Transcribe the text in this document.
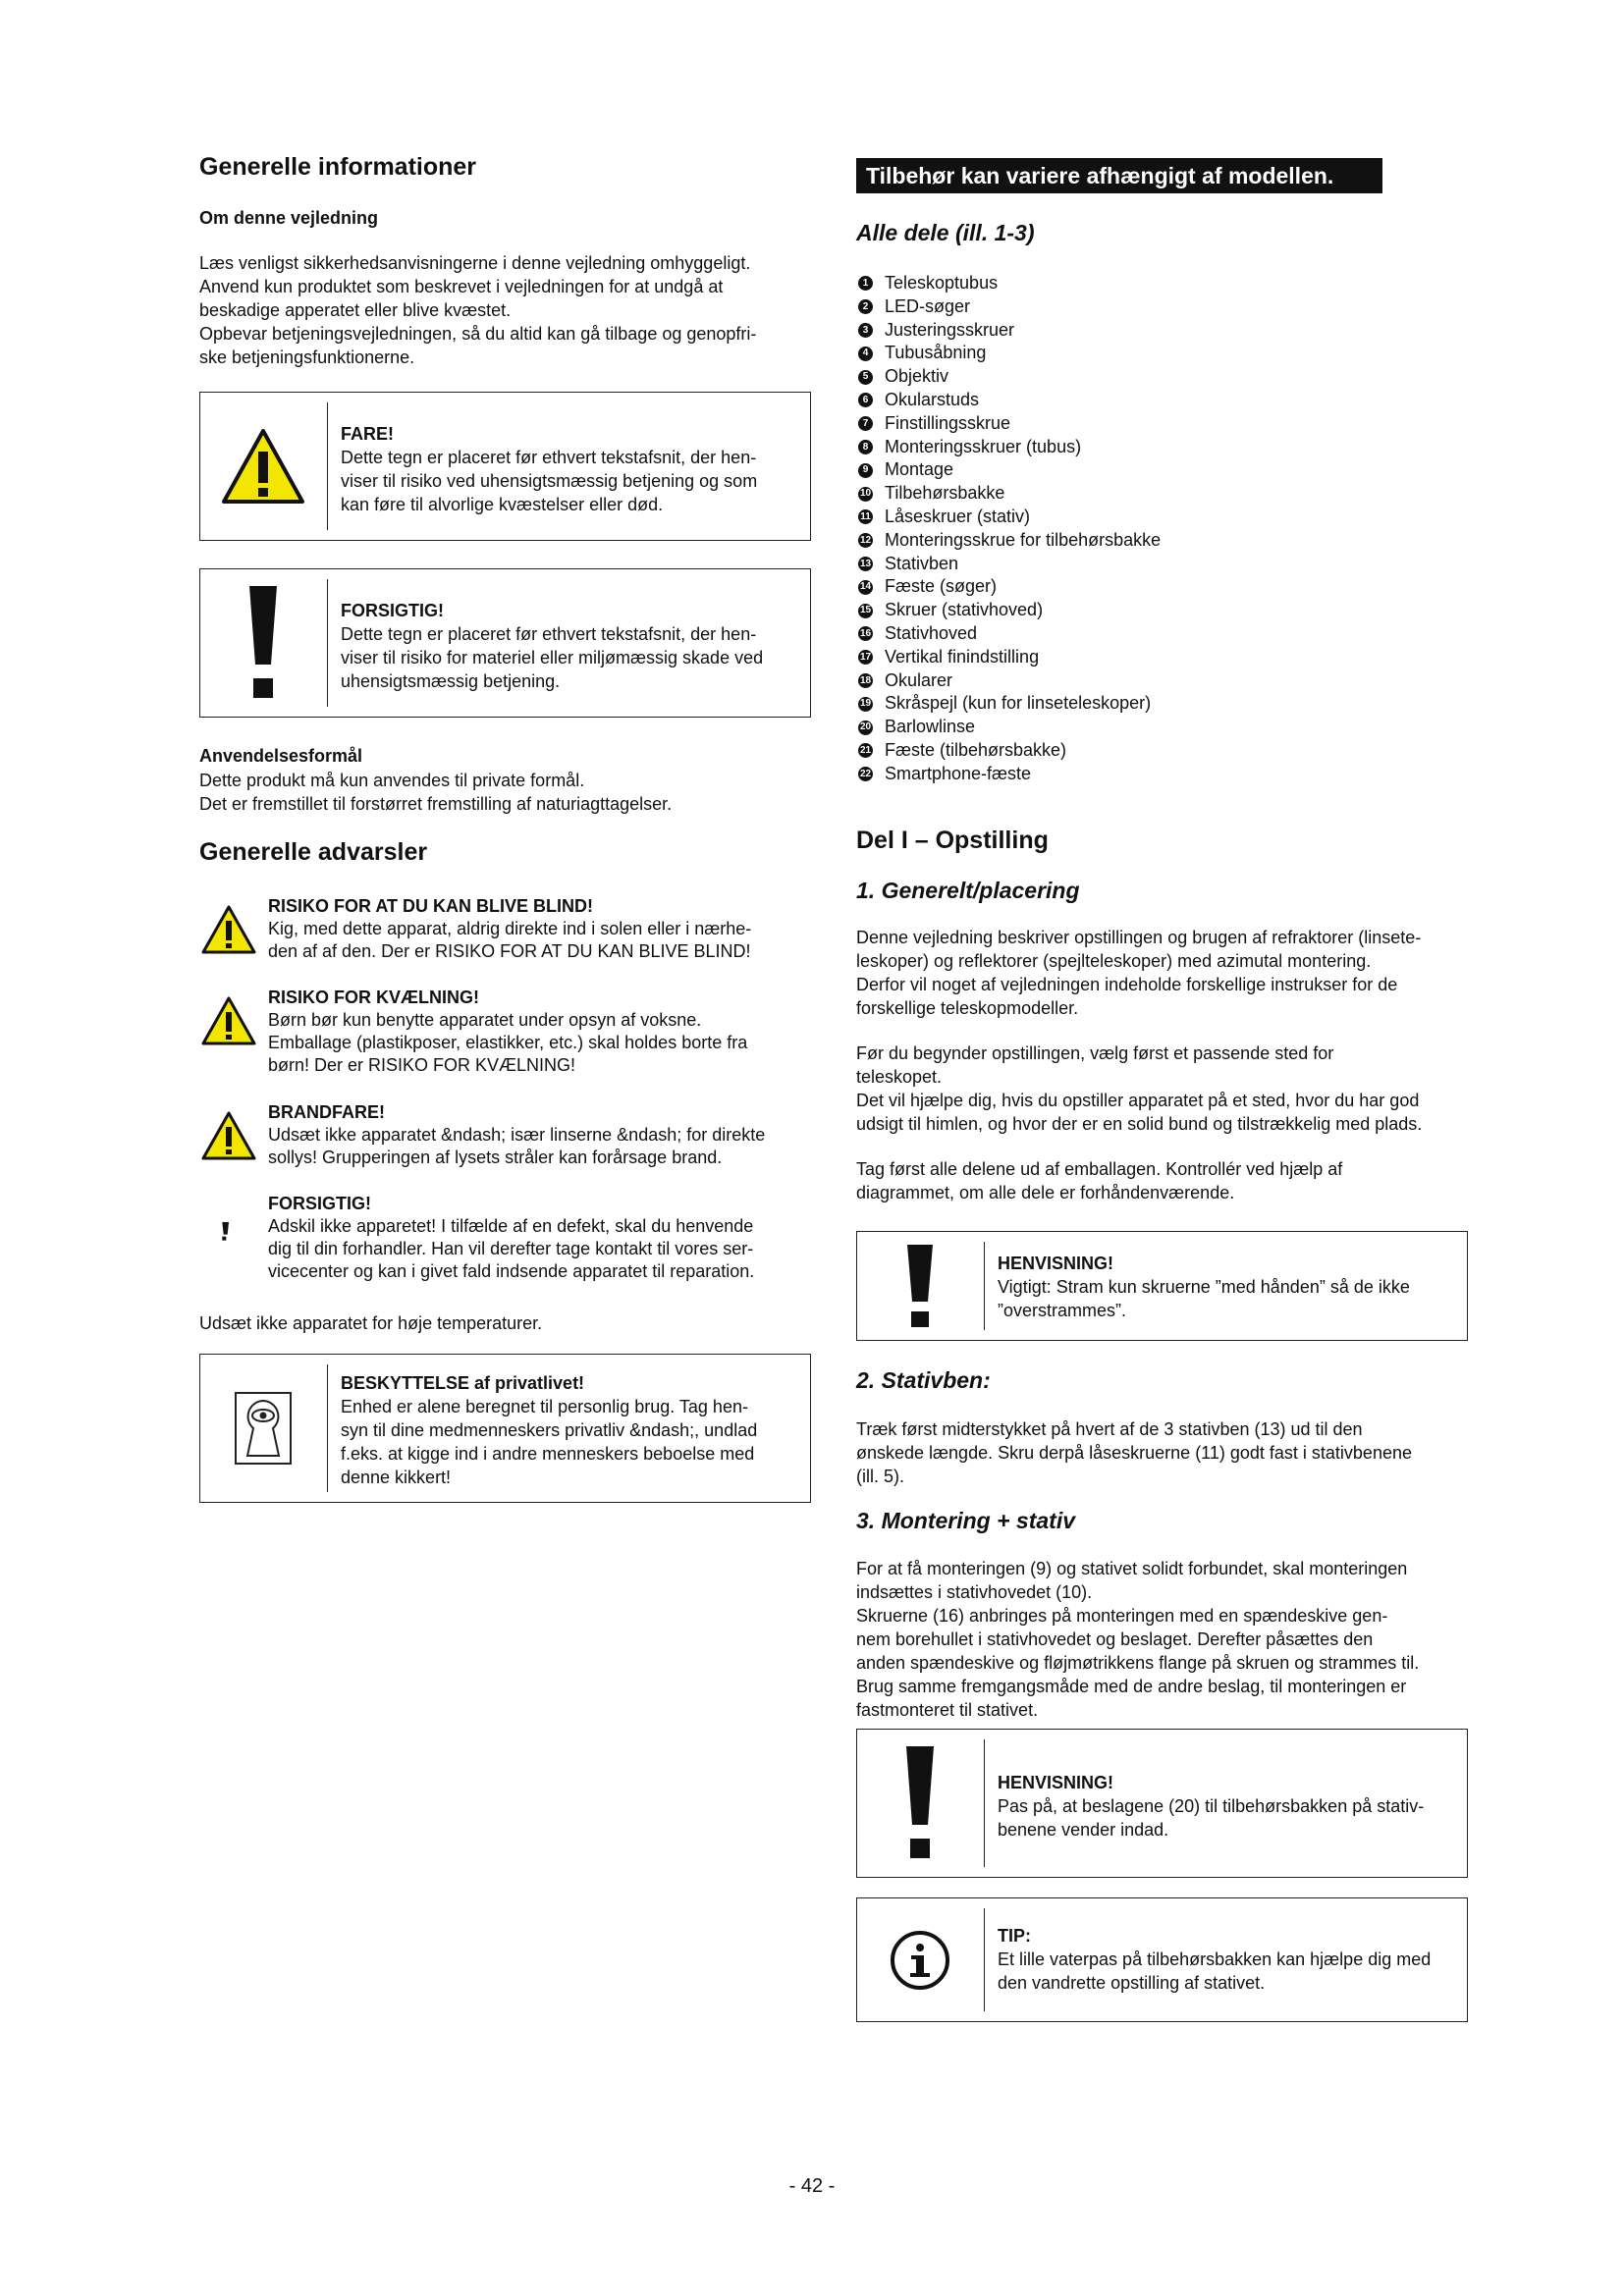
Generelle informationer
Om denne vejledning
Læs venligst sikkerhedsanvisningerne i denne vejledning omhyggeligt.
Anvend kun produktet som beskrevet i vejledningen for at undgå at
beskadige apperatet eller blive kvæstet.
Opbevar betjeningsvejledningen, så du altid kan gå tilbage og genopfri-
ske betjeningsfunktionerne.
FARE!
Dette tegn er placeret før ethvert tekstafsnit, der hen-
viser til risiko ved uhensigtsmæssig betjening og som
kan føre til alvorlige kvæstelser eller død.
FORSIGTIG!
Dette tegn er placeret før ethvert tekstafsnit, der hen-
viser til risiko for materiel eller miljømæssig skade ved
uhensigtsmæssig betjening.
Anvendelsesformål
Dette produkt må kun anvendes til private formål.
Det er fremstillet til forstørret fremstilling af naturiagttagelser.
Generelle advarsler
RISIKO FOR AT DU KAN BLIVE BLIND!
Kig, med dette apparat, aldrig direkte ind i solen eller i nærhe-
den af af den. Der er RISIKO FOR AT DU KAN BLIVE BLIND!
RISIKO FOR KVÆLNING!
Børn bør kun benytte apparatet under opsyn af voksne.
Emballage (plastikposer, elastikker, etc.) skal holdes borte fra
børn! Der er RISIKO FOR KVÆLNING!
BRANDFARE!
Udsæt ikke apparatet &ndash; især linserne &ndash; for direkte
sollys! Grupperingen af lysets stråler kan forårsage brand.
FORSIGTIG!
Adskil ikke apparetet! I tilfælde af en defekt, skal du henvende
dig til din forhandler. Han vil derefter tage kontakt til vores ser-
vicecenter og kan i givet fald indsende apparatet til reparation.
Udsæt ikke apparatet for høje temperaturer.
BESKYTTELSE af privatlivet!
Enhed er alene beregnet til personlig brug. Tag hen-
syn til dine medmenneskers privatliv &ndash;, undlad
f.eks. at kigge ind i andre menneskers beboelse med
denne kikkert!
Tilbehør kan variere afhængigt af modellen.
Alle dele (ill. 1-3)
1 Teleskoptubus
2 LED-søger
3 Justeringsskruer
4 Tubusåbning
5 Objektiv
6 Okularstuds
7 Finstillingsskrue
8 Monteringsskruer (tubus)
9 Montage
10 Tilbehørsbakke
11 Låseskruer (stativ)
12 Monteringsskrue for tilbehørsbakke
13 Stativben
14 Fæste (søger)
15 Skruer (stativhoved)
16 Stativhoved
17 Vertikal finindstilling
18 Okularer
19 Skråspejl (kun for linseteleskoper)
20 Barlowlinse
21 Fæste (tilbehørsbakke)
22 Smartphone-fæste
Del I – Opstilling
1. Generelt/placering
Denne vejledning beskriver opstillingen og brugen af refraktorer (linsete-
leskoper) og reflektorer (spejlteleskoper) med azimutal montering.
Derfor vil noget af vejledningen indeholde forskellige instrukser for de
forskellige teleskopmodeller.
Før du begynder opstillingen, vælg først et passende sted for
teleskopet.
Det vil hjælpe dig, hvis du opstiller apparatet på et sted, hvor du har god
udsigt til himlen, og hvor der er en solid bund og tilstrækkelig med plads.
Tag først alle delene ud af emballagen. Kontrollér ved hjælp af
diagrammet, om alle dele er forhåndenværende.
HENVISNING!
Vigtigt: Stram kun skruerne ”med hånden” så de ikke
”overstrammes”.
2. Stativben:
Træk først midterstykket på hvert af de 3 stativben (13) ud til den
ønskede længde. Skru derpå låseskruerne (11) godt fast i stativbenene
(ill. 5).
3. Montering + stativ
For at få monteringen (9) og stativet solidt forbundet, skal monteringen
indsættes i stativhovedet (10).
Skruerne (16) anbringes på monteringen med en spændeskive gen-
nem borehullet i stativhovedet og beslaget. Derefter påsættes den
anden spændeskive og fløjmøtrikkens flange på skruen og strammes til.
Brug samme fremgangsmåde med de andre beslag, til monteringen er
fastmonteret til stativet.
HENVISNING!
Pas på, at beslagene (20) til tilbehørsbakken på stativ-
benene vender indad.
TIP:
Et lille vaterpas på tilbehørsbakken kan hjælpe dig med
den vandrette opstilling af stativet.
- 42 -
